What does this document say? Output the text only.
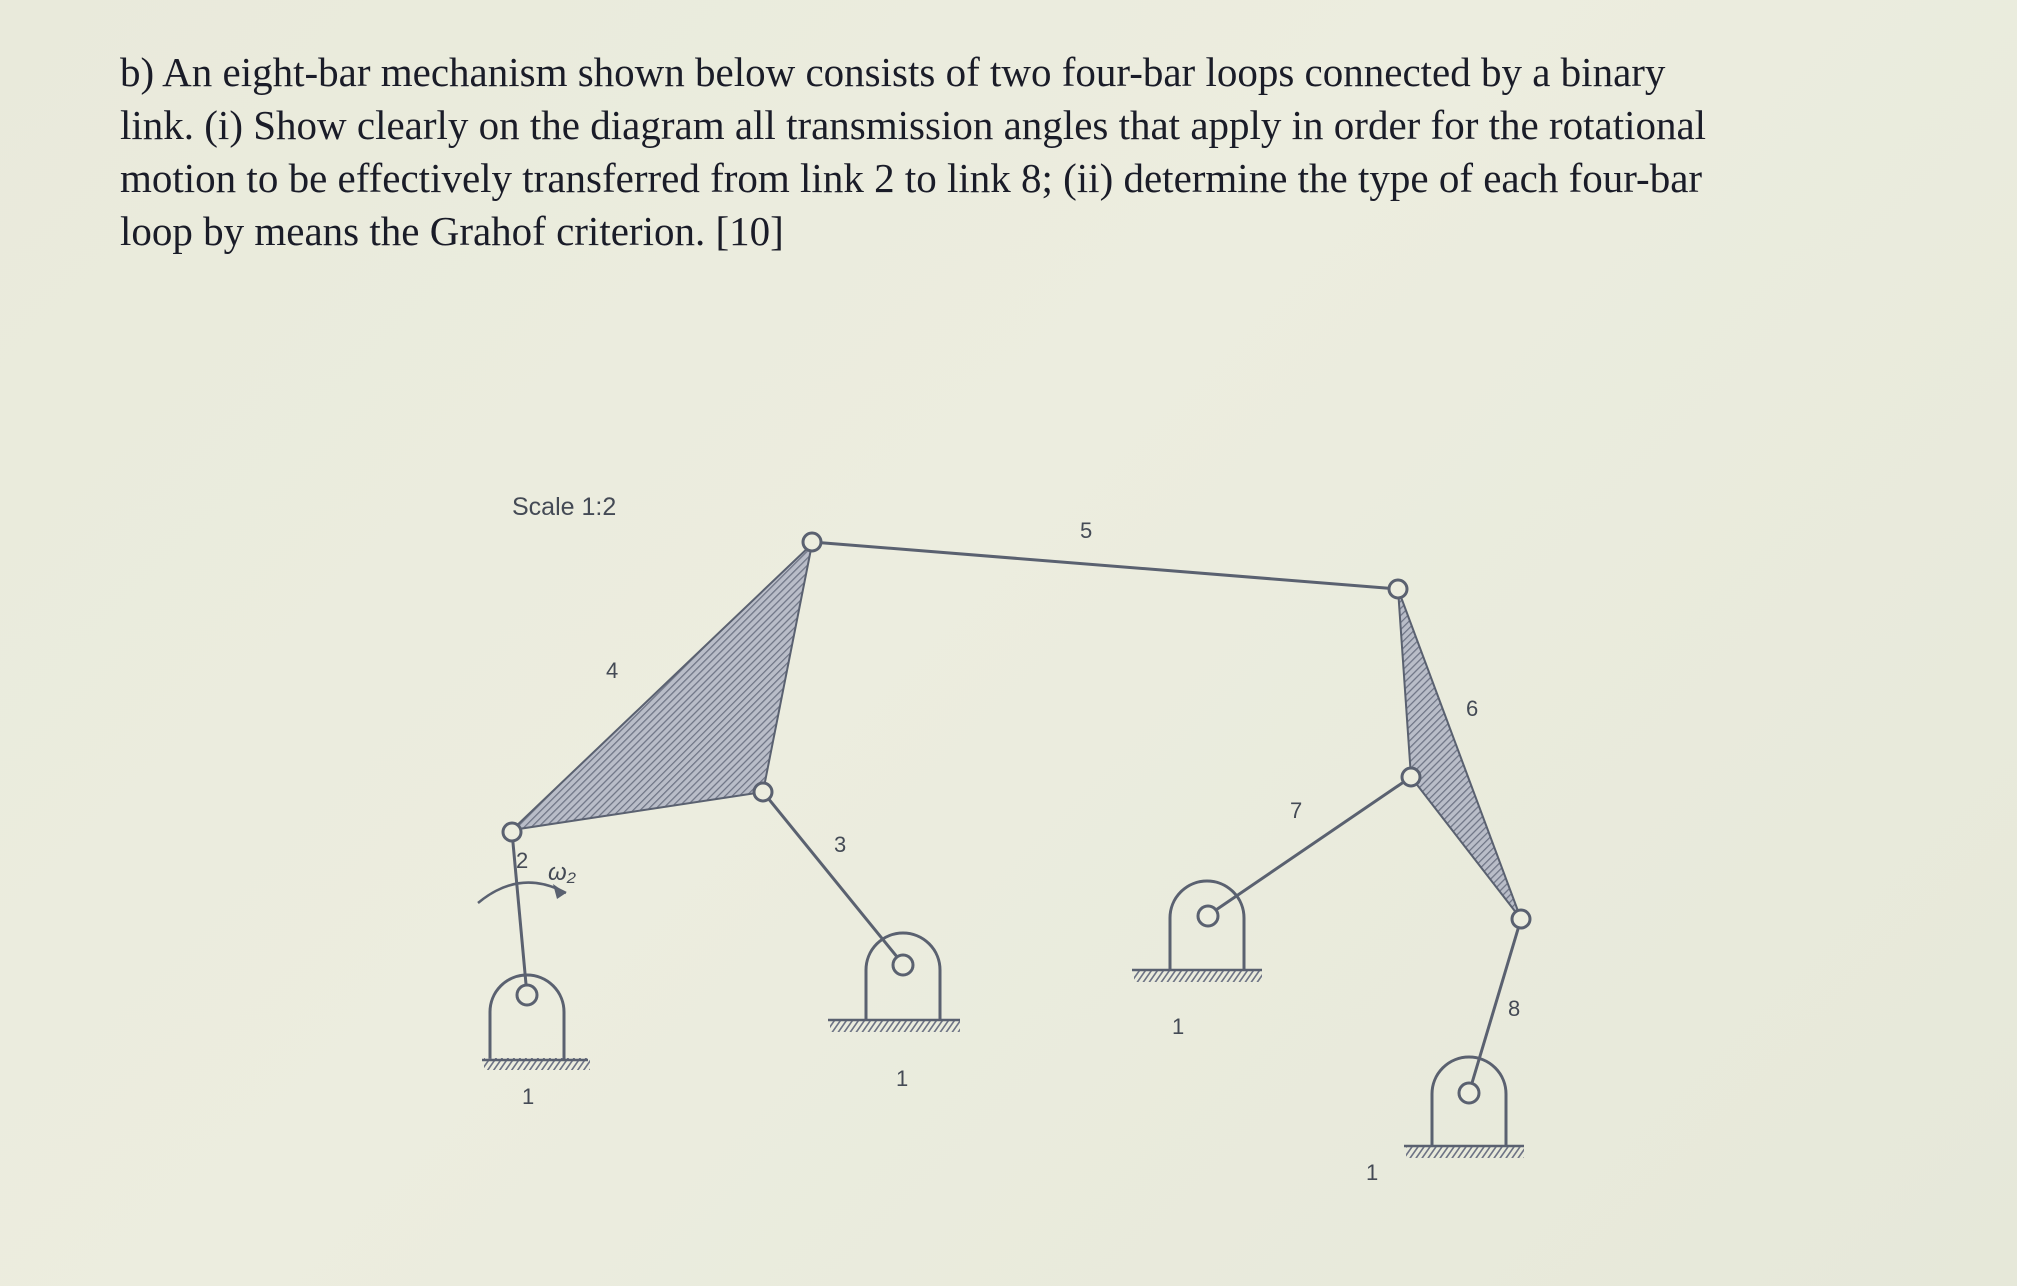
b) An eight-bar mechanism shown below consists of two four-bar loops connected by a binary
link. (i) Show clearly on the diagram all transmission angles that apply in order for the rotational
motion to be effectively transferred from link 2 to link 8; (ii) determine the type of each four-bar
loop by means the Grahof criterion. [10]
Scale 1:2
ω₂
2
3
4
5
6
7
8
1
1
1
1
